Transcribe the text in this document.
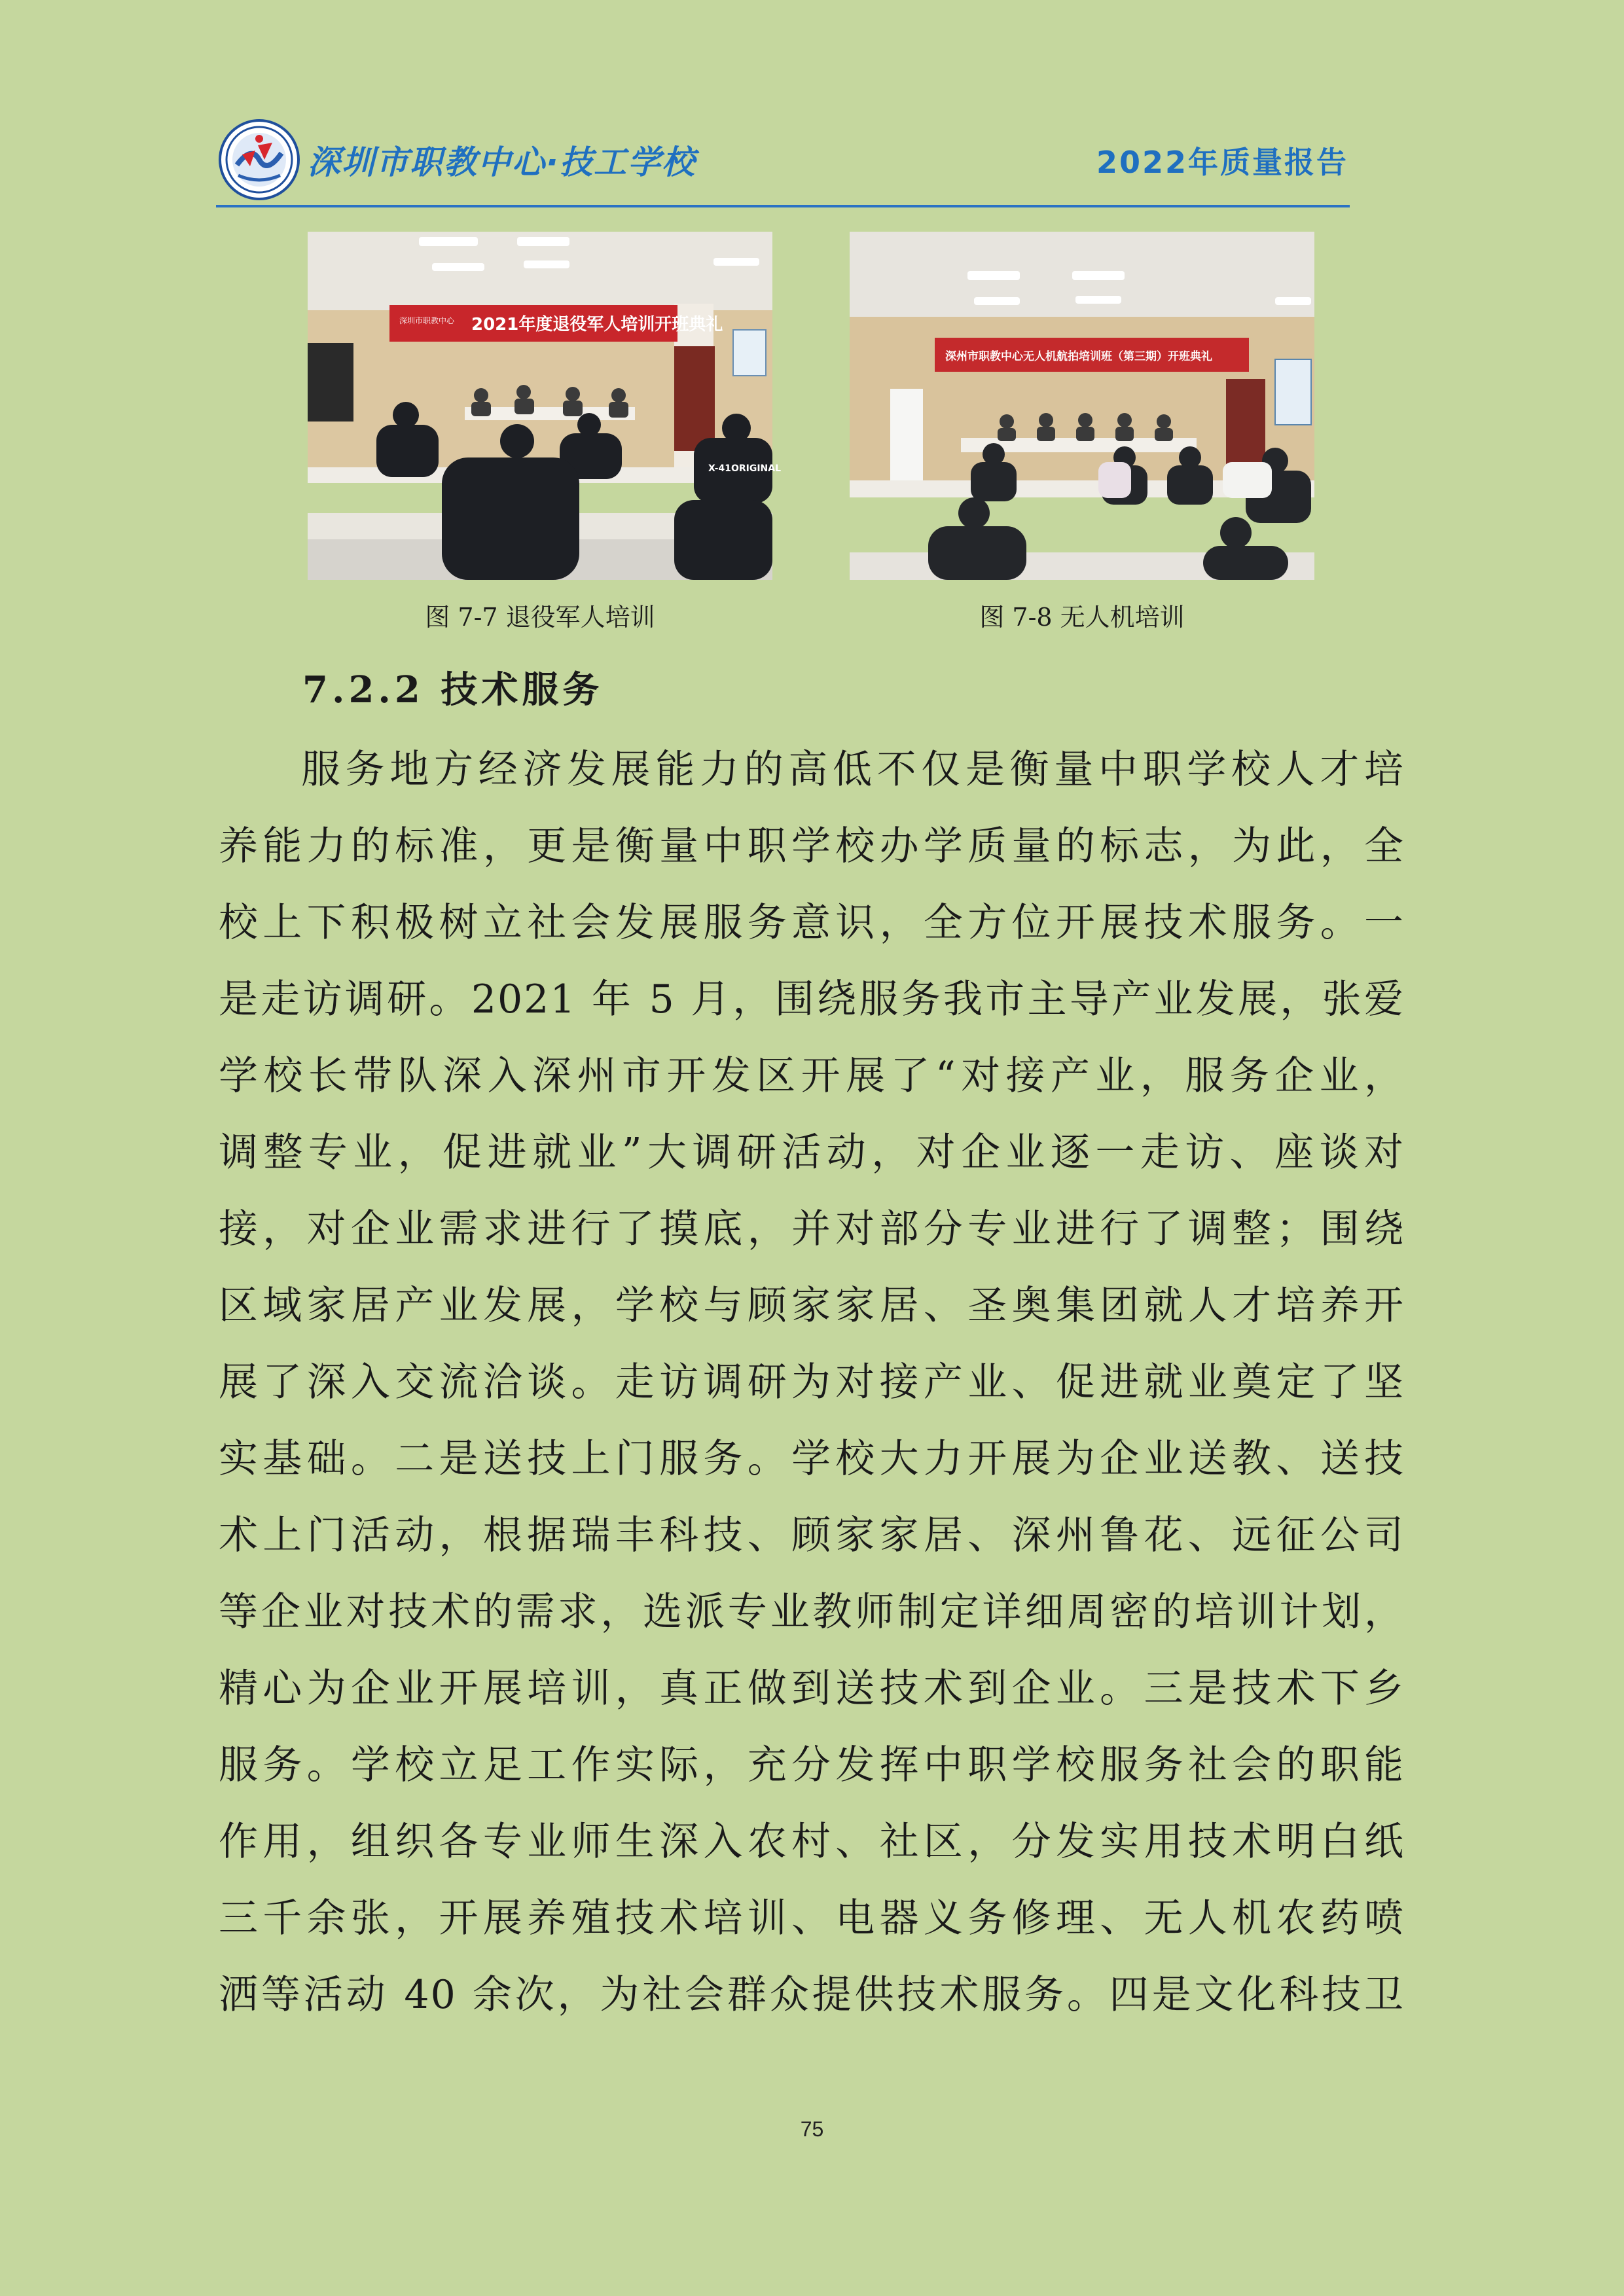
深圳市职教中心·技工学校	2022年质量报告
深圳市职教中心 2021年度退役军人培训开班典礼
X-41ORIGINAL
图 7-7 退役军人培训
深州市职教中心无人机航拍培训班（第三期）开班典礼
图 7-8 无人机培训
7.2.2 技术服务
服务地方经济发展能力的高低不仅是衡量中职学校人才培
养能力的标准，更是衡量中职学校办学质量的标志，为此，全
校上下积极树立社会发展服务意识，全方位开展技术服务。一
是走访调研。2021 年 5 月，围绕服务我市主导产业发展，张爱
学校长带队深入深州市开发区开展了“对接产业，服务企业，
调整专业，促进就业”大调研活动，对企业逐一走访、座谈对
接，对企业需求进行了摸底，并对部分专业进行了调整；围绕
区域家居产业发展，学校与顾家家居、圣奥集团就人才培养开
展了深入交流洽谈。走访调研为对接产业、促进就业奠定了坚
实基础。二是送技上门服务。学校大力开展为企业送教、送技
术上门活动，根据瑞丰科技、顾家家居、深州鲁花、远征公司
等企业对技术的需求，选派专业教师制定详细周密的培训计划，
精心为企业开展培训，真正做到送技术到企业。三是技术下乡
服务。学校立足工作实际，充分发挥中职学校服务社会的职能
作用，组织各专业师生深入农村、社区，分发实用技术明白纸
三千余张，开展养殖技术培训、电器义务修理、无人机农药喷
洒等活动 40 余次，为社会群众提供技术服务。四是文化科技卫
75
